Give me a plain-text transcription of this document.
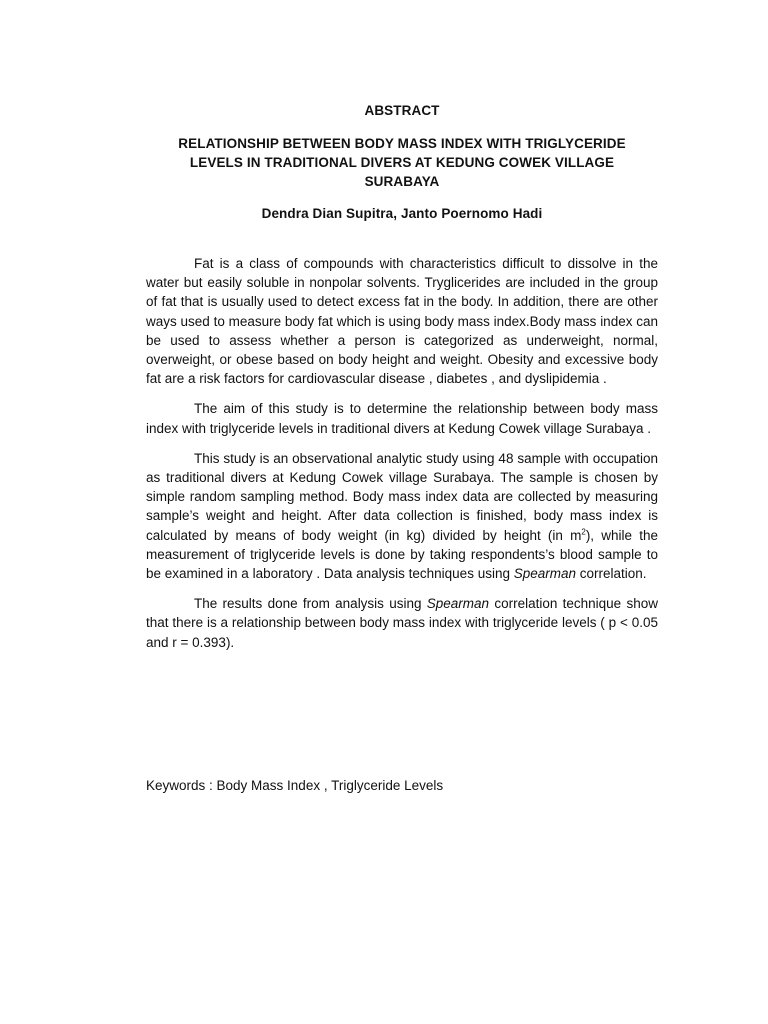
ABSTRACT
RELATIONSHIP BETWEEN BODY MASS INDEX WITH TRIGLYCERIDE
LEVELS IN TRADITIONAL DIVERS AT KEDUNG COWEK VILLAGE
SURABAYA
Dendra Dian Supitra, Janto Poernomo Hadi

Fat is a class of compounds with characteristics difficult to dissolve in the water but easily soluble in nonpolar solvents. Tryglicerides are included in the group of fat that is usually used to detect excess fat in the body. In addition, there are other ways used to measure body fat which is using body mass index.Body mass index can be used to assess whether a person is categorized as underweight, normal, overweight, or obese based on body height and weight. Obesity and excessive body fat are a risk factors for cardiovascular disease , diabetes , and dyslipidemia .

The aim of this study is to determine the relationship between body mass index with triglyceride levels in traditional divers at Kedung Cowek village Surabaya .

This study is an observational analytic study using 48 sample with occupation as traditional divers at Kedung Cowek village Surabaya. The sample is chosen by simple random sampling method. Body mass index data are collected by measuring sample’s weight and height. After data collection is finished, body mass index is calculated by means of body weight (in kg) divided by height (in $m^2$), while the measurement of triglyceride levels is done by taking respondents’s blood sample to be examined in a laboratory . Data analysis techniques using Spearman correlation.

The results done from analysis using Spearman correlation technique show that there is a relationship between body mass index with triglyceride levels ( p < 0.05 and r = 0.393).

Keywords : Body Mass Index , Triglyceride Levels
